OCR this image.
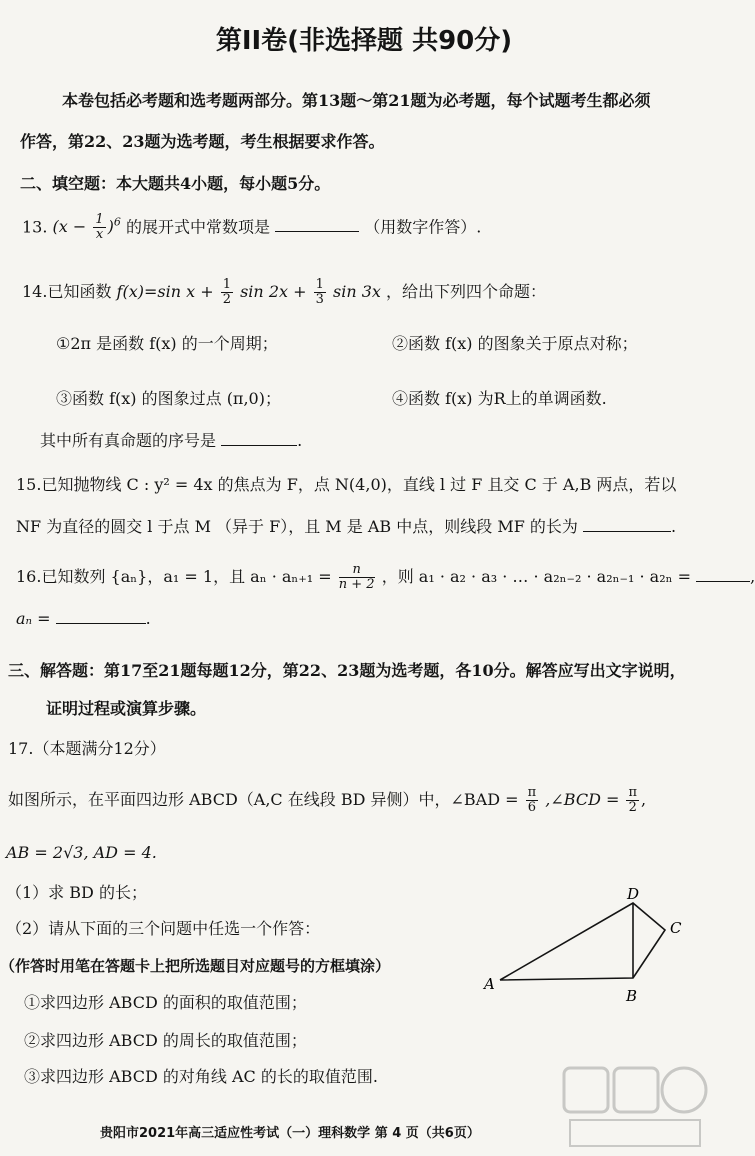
第II卷(非选择题 共90分)
本卷包括必考题和选考题两部分。第13题～第21题为必考题，每个试题考生都必须
作答，第22、23题为选考题，考生根据要求作答。
二、填空题：本大题共4小题，每小题5分。
13. $(x - \frac{1}{x} )^6$ 的展开式中常数项是	（用数字作答）.
14.已知函数 f(x)=sin $x + \frac{1}{2}$ $\sin 2x + \frac{1}{3}$ sin 3x ，给出下列四个命题：
①2π 是函数 f(x) 的一个周期；	②函数 f(x) 的图象关于原点对称；
③函数 f(x) 的图象过点 (π,0)；	④函数 f(x) 为R上的单调函数.
其中所有真命题的序号是	.
15.已知抛物线 C : y² = 4x 的焦点为 F，点 N(4,0)，直线 l 过 F 且交 C 于 A,B 两点，若以
NF 为直径的圆交 l 于点 M （异于 F），且 M 是 AB 中点，则线段 MF 的长为	.
16.已知数列 {aₙ}，a₁ = 1，且 $a_n \cdot a_{n+1} = \frac{n}{n + 2}$ ，则 a₁ · a₂ · a₃ · … · a₂ₙ₋₂ · a₂ₙ₋₁ · a₂ₙ =	,
aₙ =	.
三、解答题：第17至21题每题12分，第22、23题为选考题，各10分。解答应写出文字说明，
证明过程或演算步骤。
17.（本题满分12分）
如图所示，在平面四边形 ABCD（A,C 在线段 BD 异侧）中，∠BAD = $\frac{\pi}{6}$ ,∠BCD = $\frac{\pi}{2}$ ,
AB = 2√3, AD = 4.
（1）求 BD 的长；
（2）请从下面的三个问题中任选一个作答：
（作答时用笔在答题卡上把所选题目对应题号的方框填涂）
①求四边形 ABCD 的面积的取值范围；
②求四边形 ABCD 的周长的取值范围；
③求四边形 ABCD 的对角线 AC 的长的取值范围.
A
B
C
D
贵阳市2021年高三适应性考试（一）理科数学 第 4 页（共6页）
